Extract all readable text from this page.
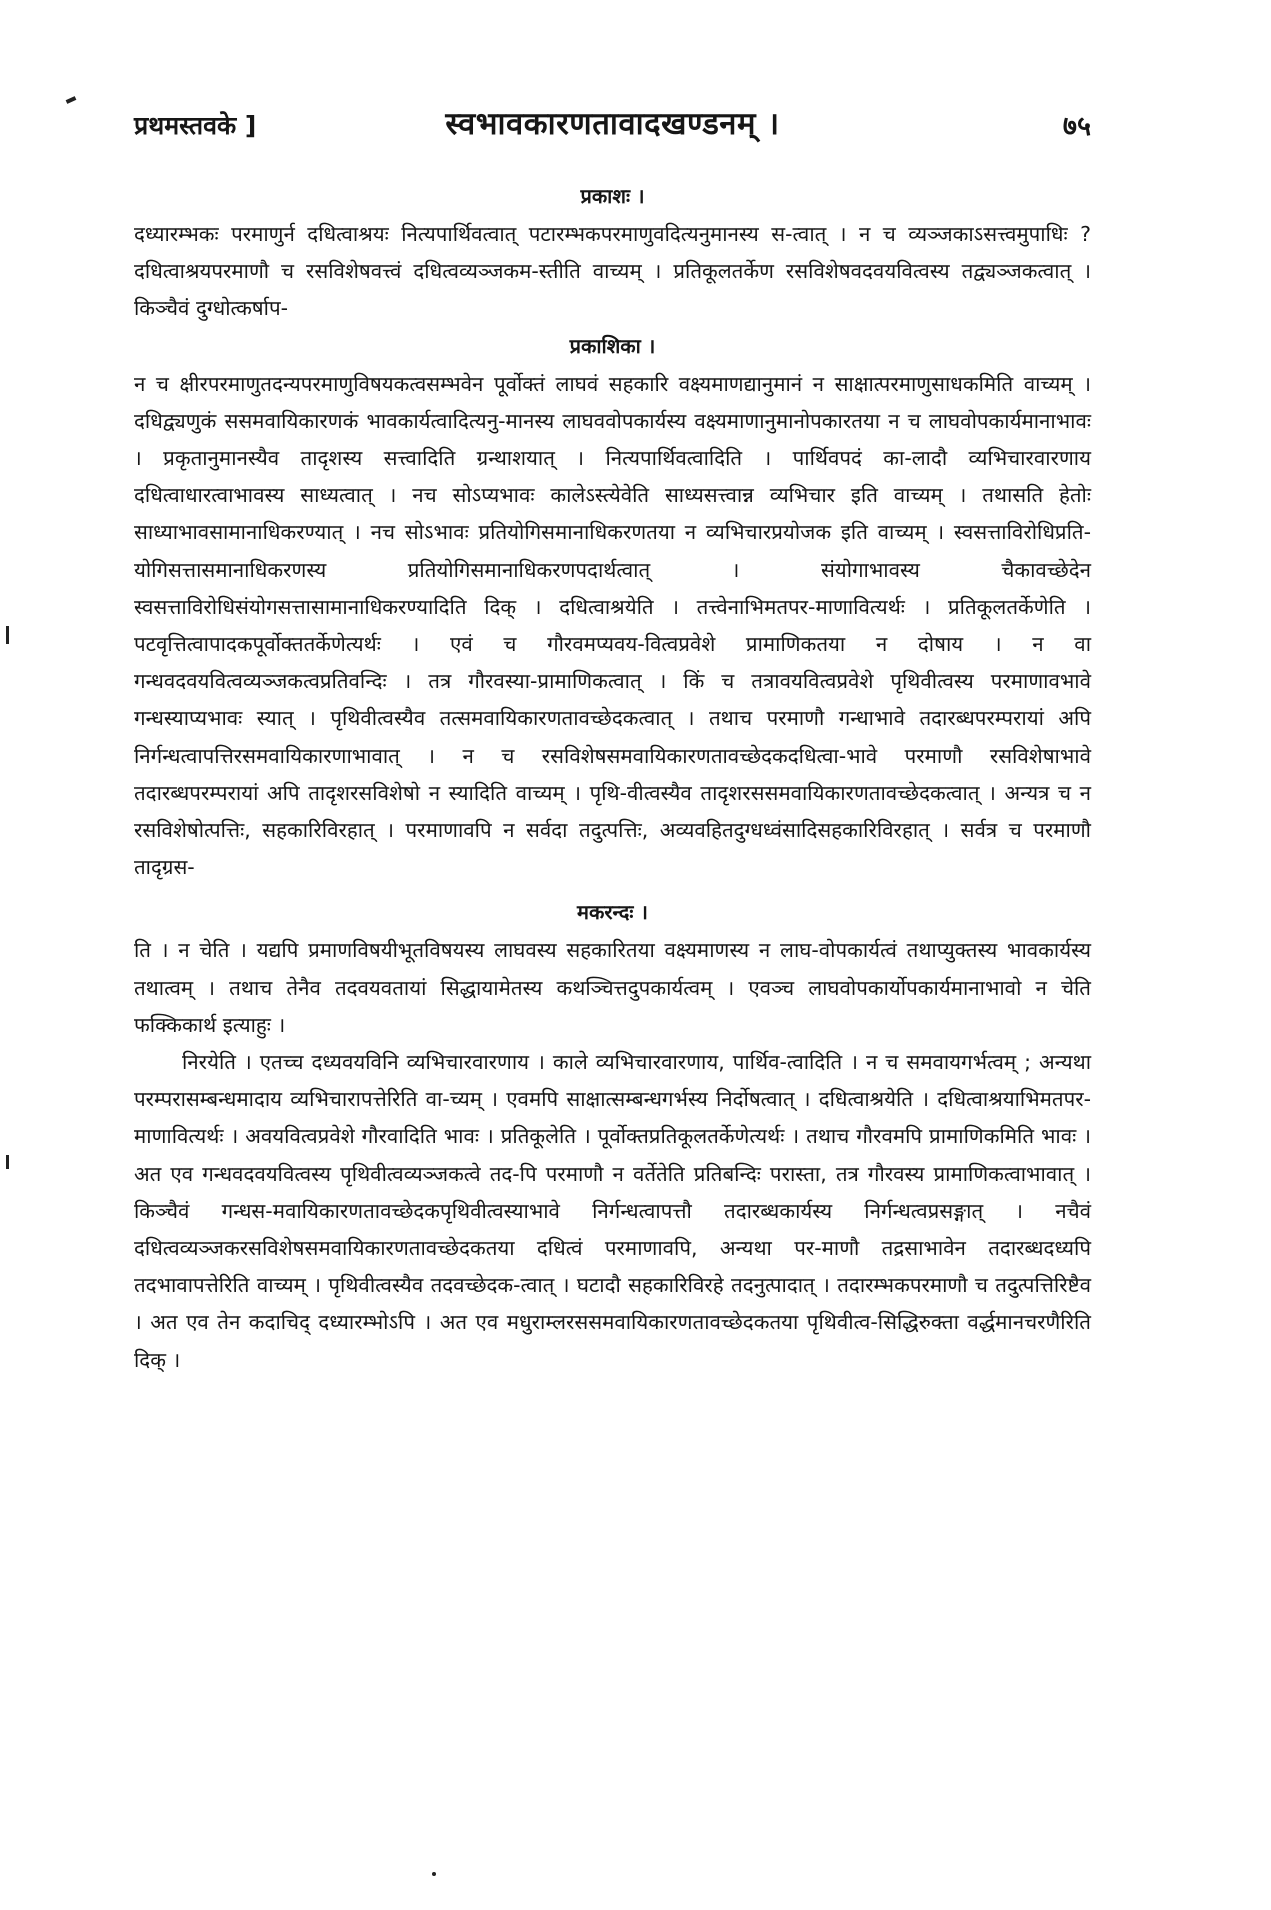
प्रथमस्तवके ]	स्वभावकारणतावादखण्डनम् ।	७५
प्रकाशः ।

दध्यारम्भकः परमाणुर्न दधित्वाश्रयः नित्यपार्थिवत्वात् पटारम्भकपरमाणुवदित्यनुमानस्य स-त्वात् । न च व्यञ्जकाऽसत्त्वमुपाधिः ? दधित्वाश्रयपरमाणौ च रसविशेषवत्त्वं दधित्वव्यञ्जकम-स्तीति वाच्यम् । प्रतिकूलतर्केण रसविशेषवदवयवित्वस्य तद्व्यञ्जकत्वात् । किञ्चैवं दुग्धोत्कर्षाप-

प्रकाशिका ।

न च क्षीरपरमाणुतदन्यपरमाणुविषयकत्वसम्भवेन पूर्वोक्तं लाघवं सहकारि वक्ष्यमाणद्यानुमानं न साक्षात्परमाणुसाधकमिति वाच्यम् । दधिद्व्यणुकं ससमवायिकारणकं भावकार्यत्वादित्यनु-मानस्य लाघववोपकार्यस्य वक्ष्यमाणानुमानोपकारतया न च लाघवोपकार्यमानाभावः । प्रकृतानुमानस्यैव तादृशस्य सत्त्वादिति ग्रन्थाशयात् । नित्यपार्थिवत्वादिति । पार्थिवपदं का-लादौ व्यभिचारवारणाय दधित्वाधारत्वाभावस्य साध्यत्वात् । नच सोऽप्यभावः कालेऽस्त्येवेति साध्यसत्त्वान्न व्यभिचार इति वाच्यम् । तथासति हेतोः साध्याभावसामानाधिकरण्यात् । नच सोऽभावः प्रतियोगिसमानाधिकरणतया न व्यभिचारप्रयोजक इति वाच्यम् । स्वसत्ताविरोधिप्रति-योगिसत्तासमानाधिकरणस्य प्रतियोगिसमानाधिकरणपदार्थत्वात् । संयोगाभावस्य चैकावच्छेदेन स्वसत्ताविरोधिसंयोगसत्तासामानाधिकरण्यादिति दिक् । दधित्वाश्रयेति । तत्त्वेनाभिमतपर-माणावित्यर्थः । प्रतिकूलतर्केणेति । पटवृत्तित्वापादकपूर्वोक्ततर्केणेत्यर्थः । एवं च गौरवमप्यवय-वित्वप्रवेशे प्रामाणिकतया न दोषाय । न वा गन्धवदवयवित्वव्यञ्जकत्वप्रतिवन्दिः । तत्र गौरवस्या-प्रामाणिकत्वात् । किं च तत्रावयवित्वप्रवेशे पृथिवीत्वस्य परमाणावभावे गन्धस्याप्यभावः स्यात् । पृथिवीत्वस्यैव तत्समवायिकारणतावच्छेदकत्वात् । तथाच परमाणौ गन्धाभावे तदारब्धपरम्परायां अपि निर्गन्धत्वापत्तिरसमवायिकारणाभावात् । न च रसविशेषसमवायिकारणतावच्छेदकदधित्वा-भावे परमाणौ रसविशेषाभावे तदारब्धपरम्परायां अपि तादृशरसविशेषो न स्यादिति वाच्यम् । पृथि-वीत्वस्यैव तादृशरससमवायिकारणतावच्छेदकत्वात् । अन्यत्र च न रसविशेषोत्पत्तिः, सहकारिविरहात् । परमाणावपि न सर्वदा तदुत्पत्तिः, अव्यवहितदुग्धध्वंसादिसहकारिविरहात् । सर्वत्र च परमाणौ तादृग्रस-

मकरन्दः ।

ति । न चेति । यद्यपि प्रमाणविषयीभूतविषयस्य लाघवस्य सहकारितया वक्ष्यमाणस्य न लाघ-वोपकार्यत्वं तथाप्युक्तस्य भावकार्यस्य तथात्वम् । तथाच तेनैव तदवयवतायां सिद्धायामेतस्य कथञ्चित्तदुपकार्यत्वम् । एवञ्च लाघवोपकार्योपकार्यमानाभावो न चेति फक्किकार्थ इत्याहुः ।

निरयेति । एतच्च दध्यवयविनि व्यभिचारवारणाय । काले व्यभिचारवारणाय, पार्थिव-त्वादिति । न च समवायगर्भत्वम् ; अन्यथा परम्परासम्बन्धमादाय व्यभिचारापत्तेरिति वा-च्यम् । एवमपि साक्षात्सम्बन्धगर्भस्य निर्दोषत्वात् । दधित्वाश्रयेति । दधित्वाश्रयाभिमतपर-माणावित्यर्थः । अवयवित्वप्रवेशे गौरवादिति भावः । प्रतिकूलेति । पूर्वोक्तप्रतिकूलतर्केणेत्यर्थः । तथाच गौरवमपि प्रामाणिकमिति भावः । अत एव गन्धवदवयवित्वस्य पृथिवीत्वव्यञ्जकत्वे तद-पि परमाणौ न वर्तेतेति प्रतिबन्दिः परास्ता, तत्र गौरवस्य प्रामाणिकत्वाभावात् । किञ्चैवं गन्धस-मवायिकारणतावच्छेदकपृथिवीत्वस्याभावे निर्गन्धत्वापत्तौ तदारब्धकार्यस्य निर्गन्धत्वप्रसङ्गात् । नचैवं दधित्वव्यञ्जकरसविशेषसमवायिकारणतावच्छेदकतया दधित्वं परमाणावपि, अन्यथा पर-माणौ तद्रसाभावेन तदारब्धदध्यपि तदभावापत्तेरिति वाच्यम् । पृथिवीत्वस्यैव तदवच्छेदक-त्वात् । घटादौ सहकारिविरहे तदनुत्पादात् । तदारम्भकपरमाणौ च तदुत्पत्तिरिष्टैव । अत एव तेन कदाचिद् दध्यारम्भोऽपि । अत एव मधुराम्लरससमवायिकारणतावच्छेदकतया पृथिवीत्व-सिद्धिरुक्ता वर्द्धमानचरणैरिति दिक् ।
